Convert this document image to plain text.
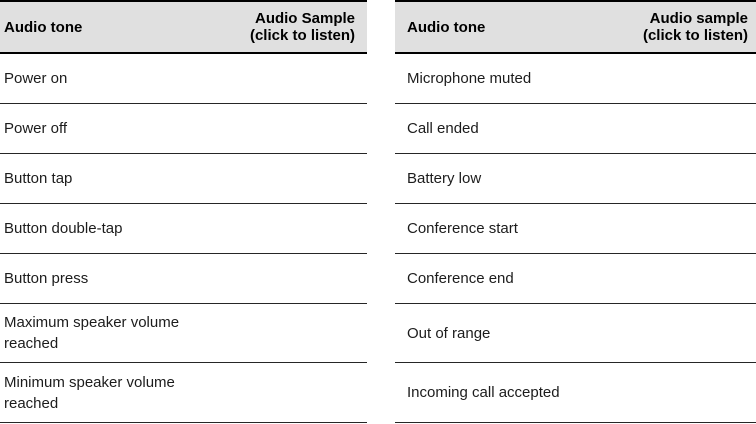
Audio tone
Audio Sample
(click to listen)
Power on
Power off
Button tap
Button double-tap
Button press
Maximum speaker volume reached
Minimum speaker volume reached
Audio tone
Audio sample
(click to listen)
Microphone muted
Call ended
Battery low
Conference start
Conference end
Out of range
Incoming call accepted
